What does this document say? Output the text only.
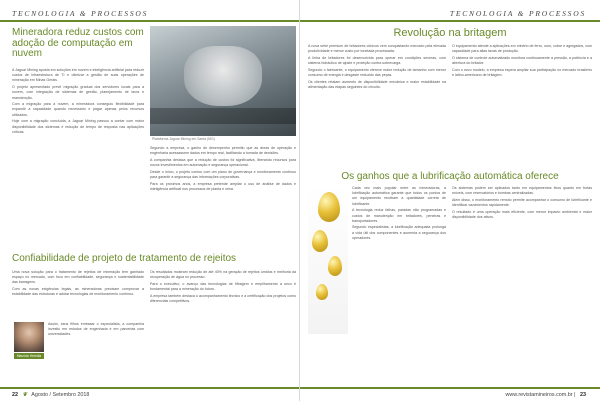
TECNOLOGIA & PROCESSOS
Mineradora reduz custos com adoção de computação em nuvem

A Jaguar Mining aposta em soluções em nuvem e inteligência artificial para reduzir custos de infraestrutura de TI e otimizar a gestão de suas operações de mineração em Minas Gerais.

O projeto apresentado prevê migração gradual dos servidores locais para a nuvem, com integração de sistemas de gestão, planejamento de lavra e manutenção.

Com a migração para a nuvem, a mineradora conseguiu flexibilidade para expandir a capacidade quando necessário e pagar apenas pelos recursos utilizados.

Hoje com a migração concluída, a Jaguar Mining passou a contar com maior disponibilidade dos sistemas e redução de tempo de resposta nas aplicações críticas.

Plataforma Jaguar Mining em Santa (MG)

Segundo a empresa, o ganho de desempenho permitiu que as áreas de operação e engenharia acessassem dados em tempo real, facilitando a tomada de decisões.

A companhia destaca que a redução de custos foi significativa, liberando recursos para novos investimentos em automação e segurança operacional.

Desde o início, o projeto contou com um plano de governança e monitoramento contínuo para garantir a segurança das informações corporativas.

Para os próximos anos, a empresa pretende ampliar o uso de análise de dados e inteligência artificial nos processos de planta e mina.

Confiabilidade de projeto de tratamento de rejeitos

Uma nova solução para o tratamento de rejeitos de mineração tem ganhado espaço no mercado, com foco em confiabilidade, segurança e sustentabilidade das barragens.

Com as novas exigências legais, as mineradoras precisam comprovar a estabilidade das estruturas e adotar tecnologias de monitoramento contínuo.

Maurício Heredia

Assim, seus filhos embasar o especialista, a companhia investiu em estudos de engenharia e em parcerias com universidades.

Os resultados mostram redução de até 40% na geração de rejeitos úmidos e melhoria da recuperação de água no processo.

Para o executivo, o avanço das tecnologias de filtragem e empilhamento a seco é fundamental para a mineração do futuro.

A empresa também destaca o acompanhamento técnico e a certificação dos projetos como diferenciais competitivos.

22 ❦ Agosto / Setembro 2018
TECNOLOGIA & PROCESSOS
Revolução na britagem

A nova série premium de britadores cônicos vem conquistando mercado pela elevada produtividade e menor custo por tonelada processada.

A linha de britadores foi desenvolvida para operar em condições severas, com sistema hidráulico de ajuste e proteção contra sobrecarga.

Segundo o fabricante, o equipamento oferece maior redução de tamanho com menor consumo de energia e desgaste reduzido das peças.

Os clientes relatam aumento de disponibilidade mecânica e maior estabilidade na alimentação das etapas seguintes do circuito.

O equipamento atende a aplicações em minério de ferro, ouro, cobre e agregados, com capacidade para altas taxas de produção.

O sistema de controle automatizado monitora continuamente a pressão, a potência e a abertura do britador.

Com o novo modelo, a empresa espera ampliar sua participação no mercado brasileiro e latino-americano de britagem.

Os ganhos que a lubrificação automática oferece

Cada vez mais popular entre as mineradoras, a lubrificação automática garante que todos os pontos de um equipamento recebam a quantidade correta de lubrificante.

A tecnologia reduz falhas, paradas não programadas e custos de manutenção em britadores, peneiras e transportadores.

Segundo especialistas, a lubrificação adequada prolonga a vida útil dos componentes e aumenta a segurança dos operadores.

Os sistemas podem ser aplicados tanto em equipamentos fixos quanto em frotas móveis, com reservatórios e bombas centralizadas.

Além disso, o monitoramento remoto permite acompanhar o consumo de lubrificante e identificar vazamentos rapidamente.

O resultado é uma operação mais eficiente, com menor impacto ambiental e maior disponibilidade dos ativos.

www.revistamineiros.com.br | 23
